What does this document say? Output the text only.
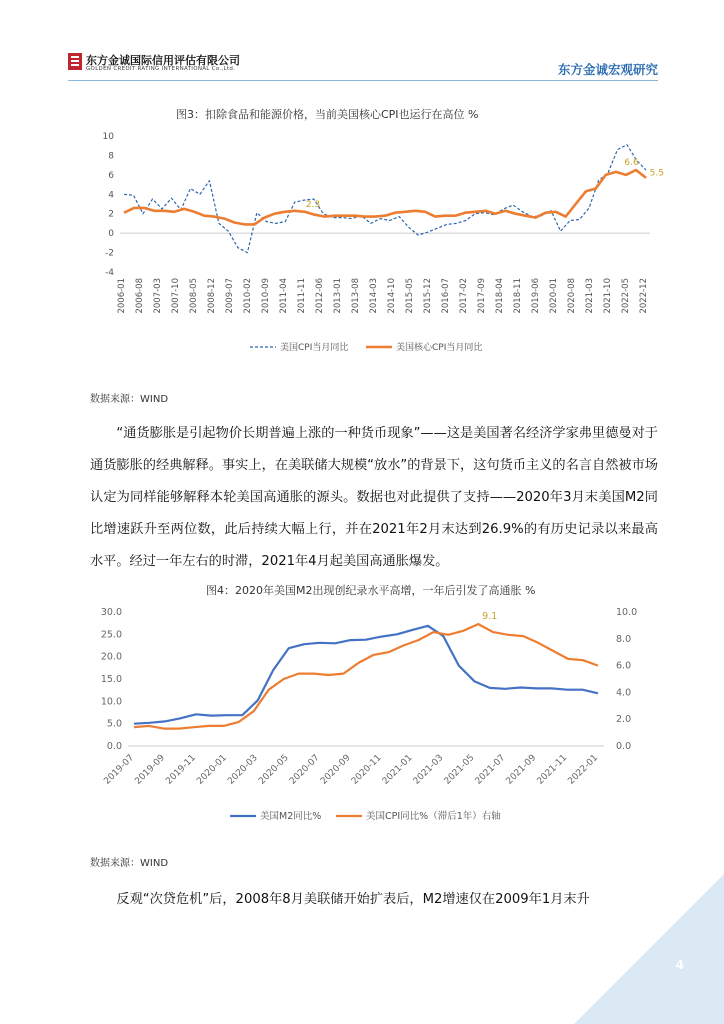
东方金诚国际信用评估有限公司
GOLDEN CREDIT RATING INTERNATIONAL Co.,Ltd.	东方金诚宏观研究
图3：扣除食品和能源价格，当前美国核心CPI也运行在高位 %
10
8
6
4
2
0
-2
-4
2006-01 2006-08 2007-03 2007-10 2008-05 2008-12 2009-07 2010-02 2010-09 2011-04 2011-11 2012-06 2013-01 2013-08 2014-03 2014-10 2015-05 2015-12 2016-07 2017-02 2017-09 2018-04 2018-11 2019-06 2020-01 2020-08 2021-03 2021-10 2022-05 2022-12
2.3
6.6
5.5
美国CPI当月同比	美国核心CPI当月同比
数据来源：WIND

“通货膨胀是引起物价长期普遍上涨的一种货币现象”——这是美国著名经济学家弗里德曼对于通货膨胀的经典解释。事实上，在美联储大规模“放水”的背景下，这句货币主义的名言自然被市场认定为同样能够解释本轮美国高通胀的源头。数据也对此提供了支持——2020年3月末美国M2同比增速跃升至两位数，此后持续大幅上行，并在2021年2月末达到26.9%的有历史记录以来最高水平。经过一年左右的时滞，2021年4月起美国高通胀爆发。

图4：2020年美国M2出现创纪录水平高增，一年后引发了高通胀 %
30.0
25.0
20.0
15.0
10.0
5.0
0.0
10.0
8.0
6.0
4.0
2.0
0.0
2019-07
2019-09
2019-11
2020-01
2020-03
2020-05
2020-07
2020-09
2020-11
2021-01
2021-03
2021-05
2021-07
2021-09
2021-11
2022-01
9.1
美国M2同比%	美国CPI同比%（滞后1年）右轴
数据来源：WIND

反观“次贷危机”后，2008年8月美联储开始扩表后，M2增速仅在2009年1月末升

4
